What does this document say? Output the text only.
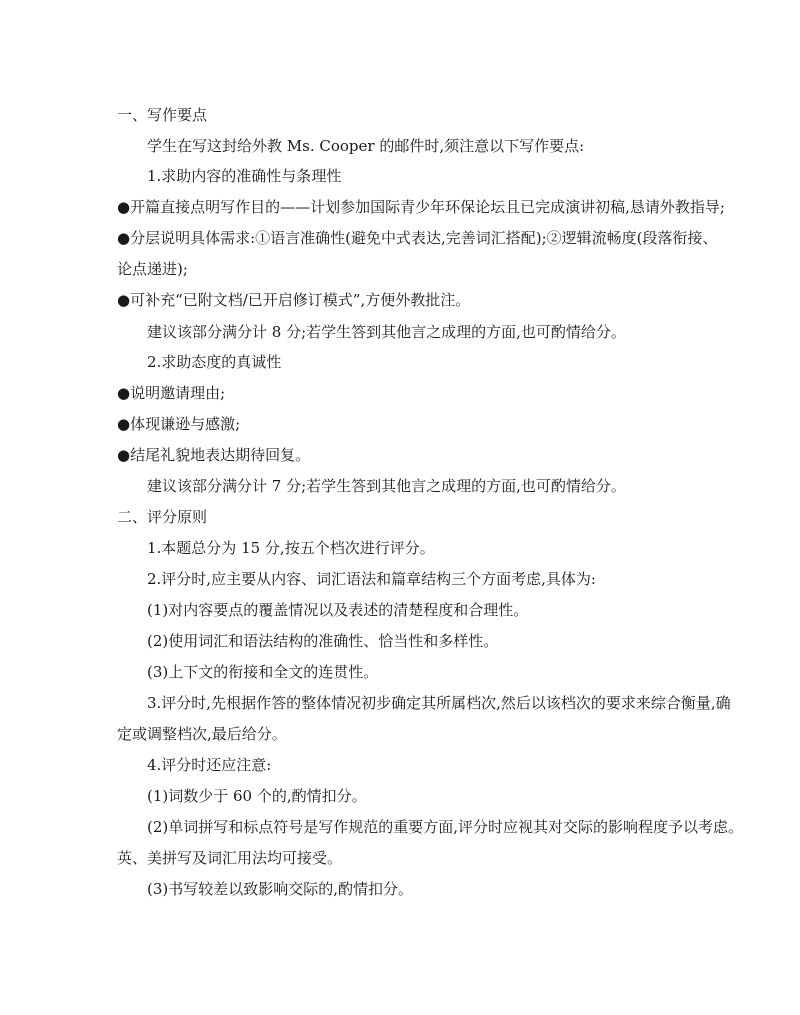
一、写作要点
学生在写这封给外教 Ms. Cooper 的邮件时,须注意以下写作要点:
1.求助内容的准确性与条理性
●开篇直接点明写作目的——计划参加国际青少年环保论坛且已完成演讲初稿,恳请外教指导;
●分层说明具体需求:①语言准确性(避免中式表达,完善词汇搭配);②逻辑流畅度(段落衔接、
论点递进);
●可补充“已附文档/已开启修订模式”,方便外教批注。
建议该部分满分计 8 分;若学生答到其他言之成理的方面,也可酌情给分。
2.求助态度的真诚性
●说明邀请理由;
●体现谦逊与感激;
●结尾礼貌地表达期待回复。
建议该部分满分计 7 分;若学生答到其他言之成理的方面,也可酌情给分。
二、评分原则
1.本题总分为 15 分,按五个档次进行评分。
2.评分时,应主要从内容、词汇语法和篇章结构三个方面考虑,具体为:
(1)对内容要点的覆盖情况以及表述的清楚程度和合理性。
(2)使用词汇和语法结构的准确性、恰当性和多样性。
(3)上下文的衔接和全文的连贯性。
3.评分时,先根据作答的整体情况初步确定其所属档次,然后以该档次的要求来综合衡量,确
定或调整档次,最后给分。
4.评分时还应注意:
(1)词数少于 60 个的,酌情扣分。
(2)单词拼写和标点符号是写作规范的重要方面,评分时应视其对交际的影响程度予以考虑。
英、美拼写及词汇用法均可接受。
(3)书写较差以致影响交际的,酌情扣分。
